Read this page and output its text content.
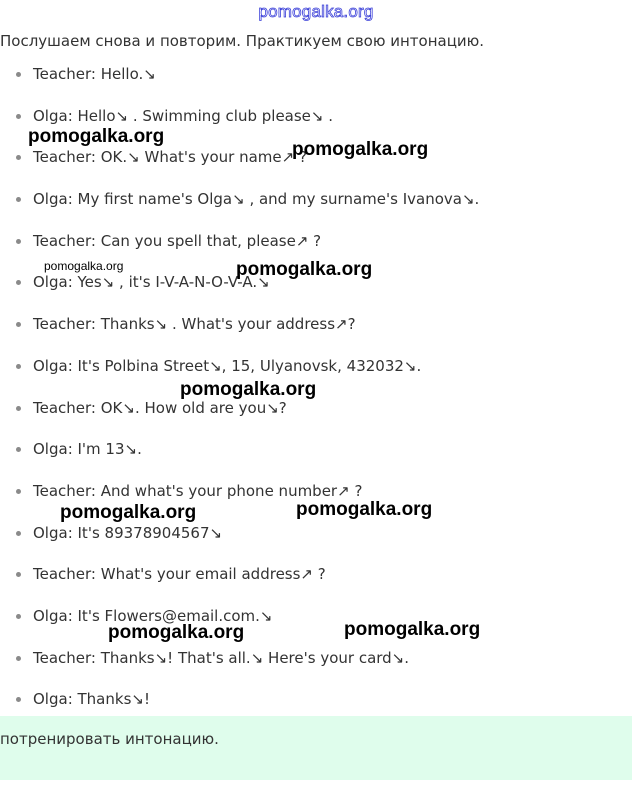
pomogalka.org
Послушаем снова и повторим. Практикуем свою интонацию.
Teacher: Hello.↘
Olga: Hello↘ . Swimming club please↘ .
Teacher: OK.↘ What's your name↗ ?
Olga: My first name's Olga↘ , and my surname's Ivanova↘.
Teacher: Can you spell that, please↗ ?
Olga: Yes↘ , it's I-V-A-N-O-V-A.↘
Teacher: Thanks↘ . What's your address↗?
Olga: It's Polbina Street↘, 15, Ulyanovsk, 432032↘.
Teacher: OK↘. How old are you↘?
Olga: I'm 13↘.
Teacher: And what's your phone number↗ ?
Olga: It's 89378904567↘
Teacher: What's your email address↗ ?
Olga: It's Flowers@email.com.↘
Teacher: Thanks↘! That's all.↘ Here's your card↘.
Olga: Thanks↘!
потренировать интонацию.
pomogalka.org
pomogalka.org
pomogalka.org	pomogalka.org
pomogalka.org
pomogalka.org	pomogalka.org
pomogalka.org	pomogalka.org
